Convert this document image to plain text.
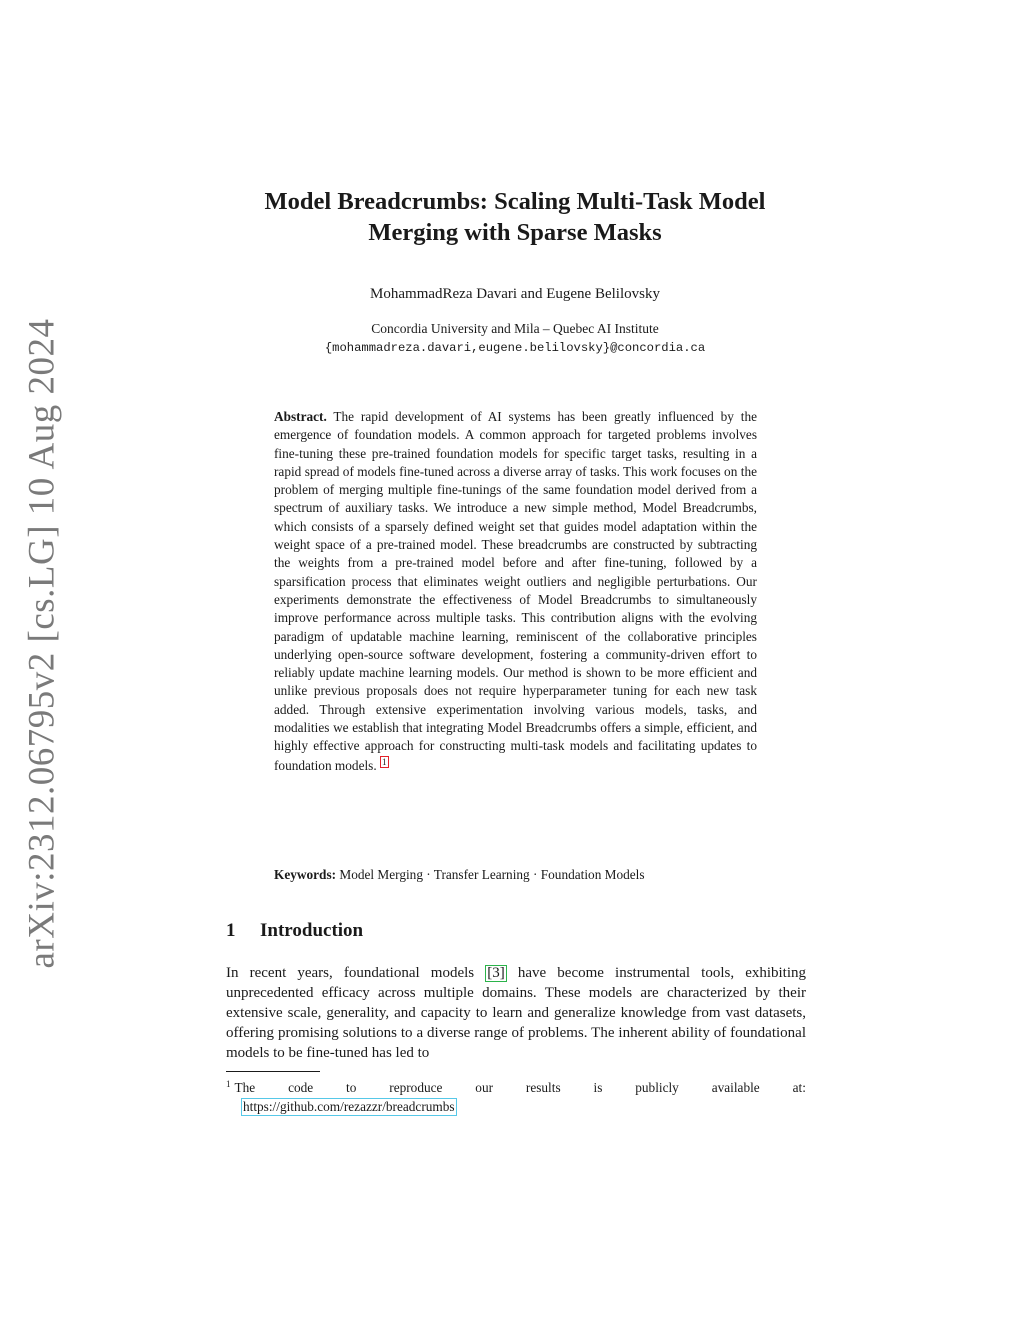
arXiv:2312.06795v2 [cs.LG] 10 Aug 2024
Model Breadcrumbs: Scaling Multi-Task Model
Merging with Sparse Masks
MohammadReza Davari and Eugene Belilovsky
Concordia University and Mila – Quebec AI Institute
{mohammadreza.davari,eugene.belilovsky}@concordia.ca

Abstract. The rapid development of AI systems has been greatly influenced by the emergence of foundation models. A common approach for targeted problems involves fine-tuning these pre-trained foundation models for specific target tasks, resulting in a rapid spread of models fine-tuned across a diverse array of tasks. This work focuses on the problem of merging multiple fine-tunings of the same foundation model derived from a spectrum of auxiliary tasks. We introduce a new simple method, Model Breadcrumbs, which consists of a sparsely defined weight set that guides model adaptation within the weight space of a pre-trained model. These breadcrumbs are constructed by subtracting the weights from a pre-trained model before and after fine-tuning, followed by a sparsification process that eliminates weight outliers and negligible perturbations. Our experiments demonstrate the effectiveness of Model Breadcrumbs to simultaneously improve performance across multiple tasks. This contribution aligns with the evolving paradigm of updatable machine learning, reminiscent of the collaborative principles underlying open-source software development, fostering a community-driven effort to reliably update machine learning models. Our method is shown to be more efficient and unlike previous proposals does not require hyperparameter tuning for each new task added. Through extensive experimentation involving various models, tasks, and modalities we establish that integrating Model Breadcrumbs offers a simple, efficient, and highly effective approach for constructing multi-task models and facilitating updates to foundation models. 1

Keywords: Model Merging · Transfer Learning · Foundation Models
1 Introduction

In recent years, foundational models [3] have become instrumental tools, exhibiting unprecedented efficacy across multiple domains. These models are characterized by their extensive scale, generality, and capacity to learn and generalize knowledge from vast datasets, offering promising solutions to a diverse range of problems. The inherent ability of foundational models to be fine-tuned has led to

$^1$ The code to reproduce our results is publicly available at:
https://github.com/rezazzr/breadcrumbs
